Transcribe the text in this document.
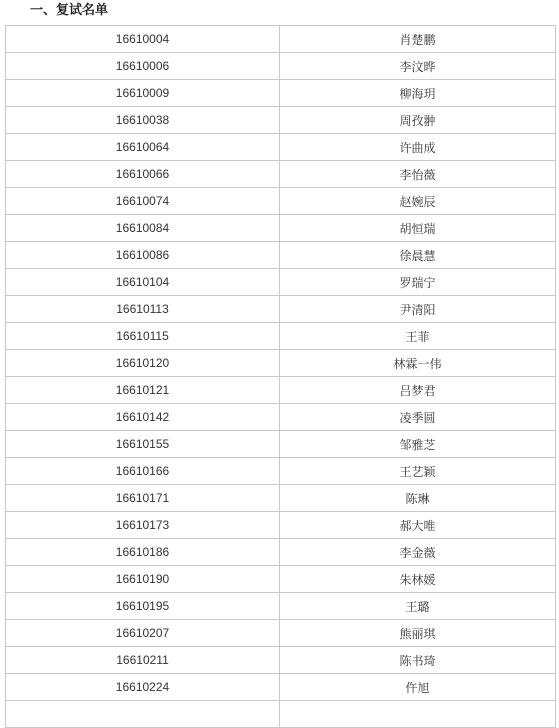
一、复试名单
16610004	肖楚鹏
16610006	李汶晔
16610009	柳海玥
16610038	周孜翀
16610064	许曲成
16610066	李怡薇
16610074	赵婉辰
16610084	胡恒瑞
16610086	徐晨慧
16610104	罗瑞宁
16610113	尹清阳
16610115	王菲
16610120	林霖一伟
16610121	吕梦君
16610142	凌季圆
16610155	邹雅芝
16610166	王艺颖
16610171	陈琳
16610173	郝大唯
16610186	李金薇
16610190	朱林媛
16610195	王璐
16610207	熊丽琪
16610211	陈书琦
16610224	仵旭
